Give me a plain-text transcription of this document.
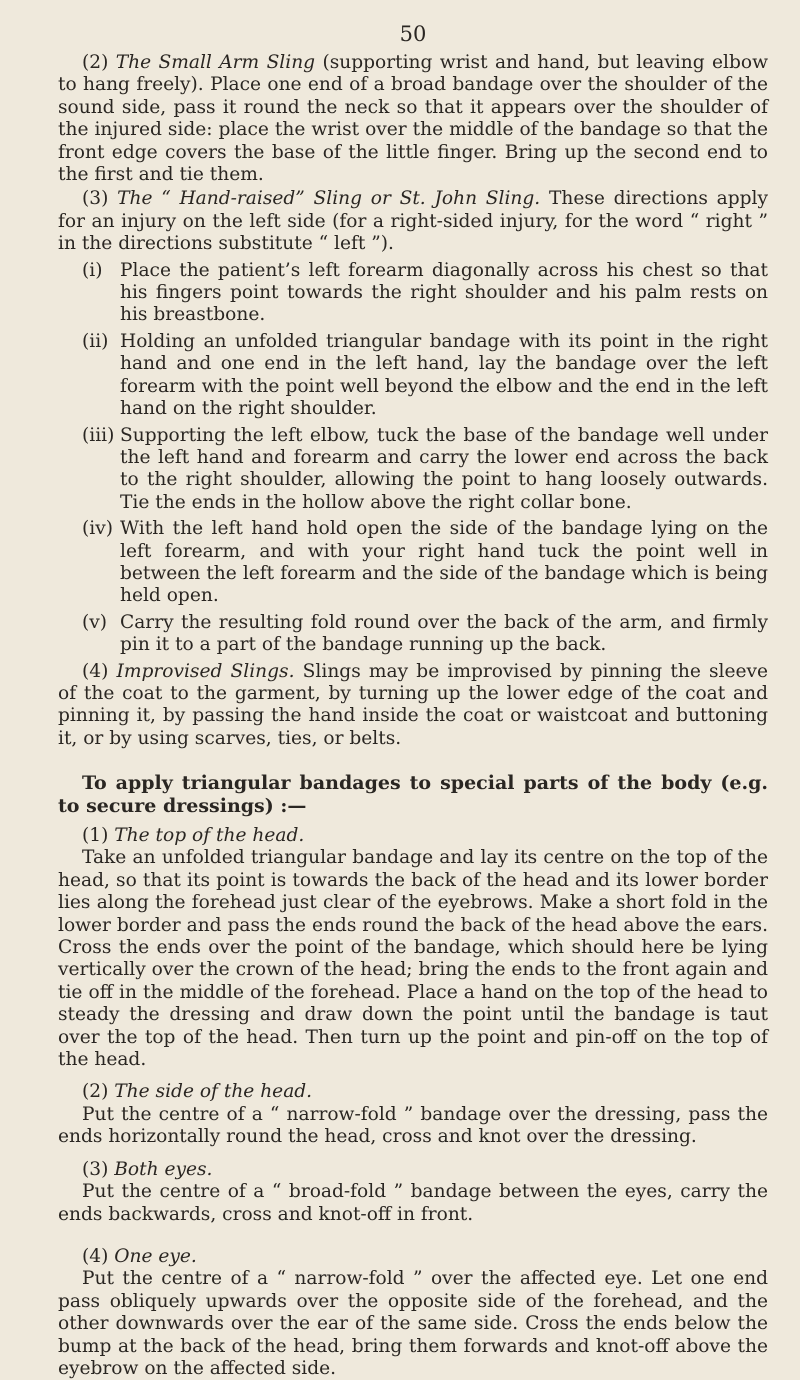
50

(2) The Small Arm Sling (supporting wrist and hand, but leaving elbow to hang freely). Place one end of a broad bandage over the shoulder of the sound side, pass it round the neck so that it appears over the shoulder of the injured side: place the wrist over the middle of the bandage so that the front edge covers the base of the little finger. Bring up the second end to the first and tie them.

(3) The “ Hand-raised” Sling or St. John Sling. These directions apply for an injury on the left side (for a right-sided injury, for the word “ right ” in the directions substitute “ left ”).

(i) Place the patient’s left forearm diagonally across his chest so that his fingers point towards the right shoulder and his palm rests on his breastbone.
(ii) Holding an unfolded triangular bandage with its point in the right hand and one end in the left hand, lay the bandage over the left forearm with the point well beyond the elbow and the end in the left hand on the right shoulder.
(iii) Supporting the left elbow, tuck the base of the bandage well under the left hand and forearm and carry the lower end across the back to the right shoulder, allowing the point to hang loosely outwards. Tie the ends in the hollow above the right collar bone.
(iv) With the left hand hold open the side of the bandage lying on the left forearm, and with your right hand tuck the point well in between the left forearm and the side of the bandage which is being held open.
(v) Carry the resulting fold round over the back of the arm, and firmly pin it to a part of the bandage running up the back.

(4) Improvised Slings. Slings may be improvised by pinning the sleeve of the coat to the garment, by turning up the lower edge of the coat and pinning it, by passing the hand inside the coat or waistcoat and buttoning it, or by using scarves, ties, or belts.

To apply triangular bandages to special parts of the body (e.g. to secure dressings) :—

(1) The top of the head.

Take an unfolded triangular bandage and lay its centre on the top of the head, so that its point is towards the back of the head and its lower border lies along the forehead just clear of the eyebrows. Make a short fold in the lower border and pass the ends round the back of the head above the ears. Cross the ends over the point of the bandage, which should here be lying vertically over the crown of the head; bring the ends to the front again and tie off in the middle of the forehead. Place a hand on the top of the head to steady the dressing and draw down the point until the bandage is taut over the top of the head. Then turn up the point and pin-off on the top of the head.

(2) The side of the head.

Put the centre of a “ narrow-fold ” bandage over the dressing, pass the ends horizontally round the head, cross and knot over the dressing.

(3) Both eyes.

Put the centre of a “ broad-fold ” bandage between the eyes, carry the ends backwards, cross and knot-off in front.

(4) One eye.

Put the centre of a “ narrow-fold ” over the affected eye. Let one end pass obliquely upwards over the opposite side of the forehead, and the other downwards over the ear of the same side. Cross the ends below the bump at the back of the head, bring them forwards and knot-off above the eyebrow on the affected side.
